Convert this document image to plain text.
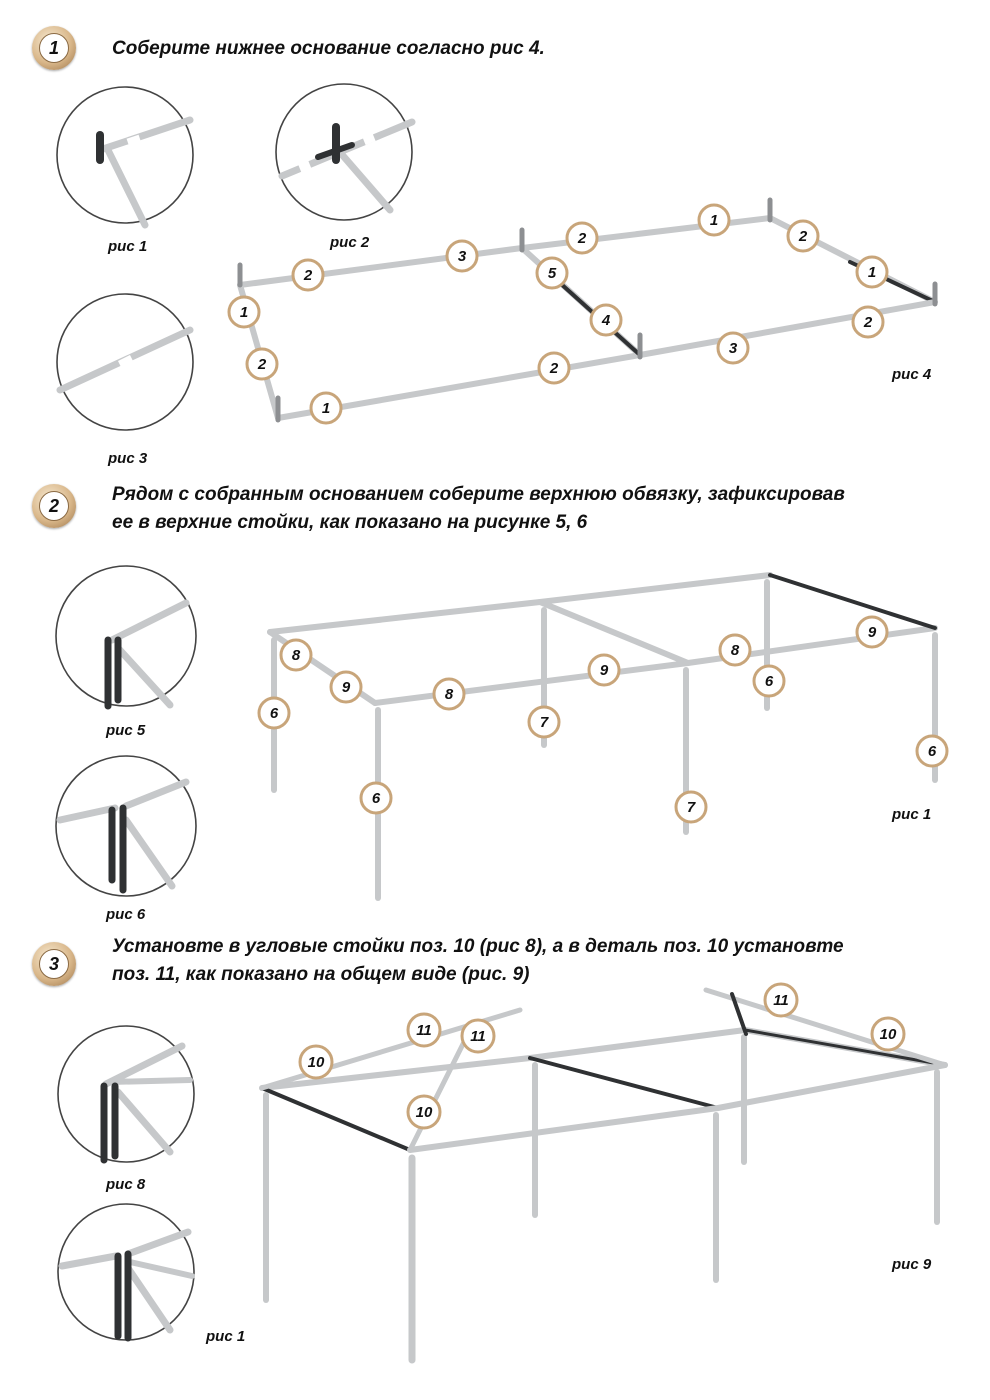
1	Соберите нижнее основание согласно рис 4.
2
Рядом с собранным основанием соберите верхнюю обвязку, зафиксировав
ее в верхние стойки, как показано на рисунке 5, 6
3
Установте в угловые стойки поз. 10 (рис 8), а в деталь поз. 10 установте
поз. 11, как показано на общем виде (рис. 9)
рис 1	рис 2
рис 3
рис 4
рис 5
рис 6
рис 1
рис 8
рис 1
рис 9
1
2
2
3
1
2
1
2
5
4
1
2
2
3
8
9
6
6
8
9
7
8
9
6
7
6
10
11	11
10
11
10
